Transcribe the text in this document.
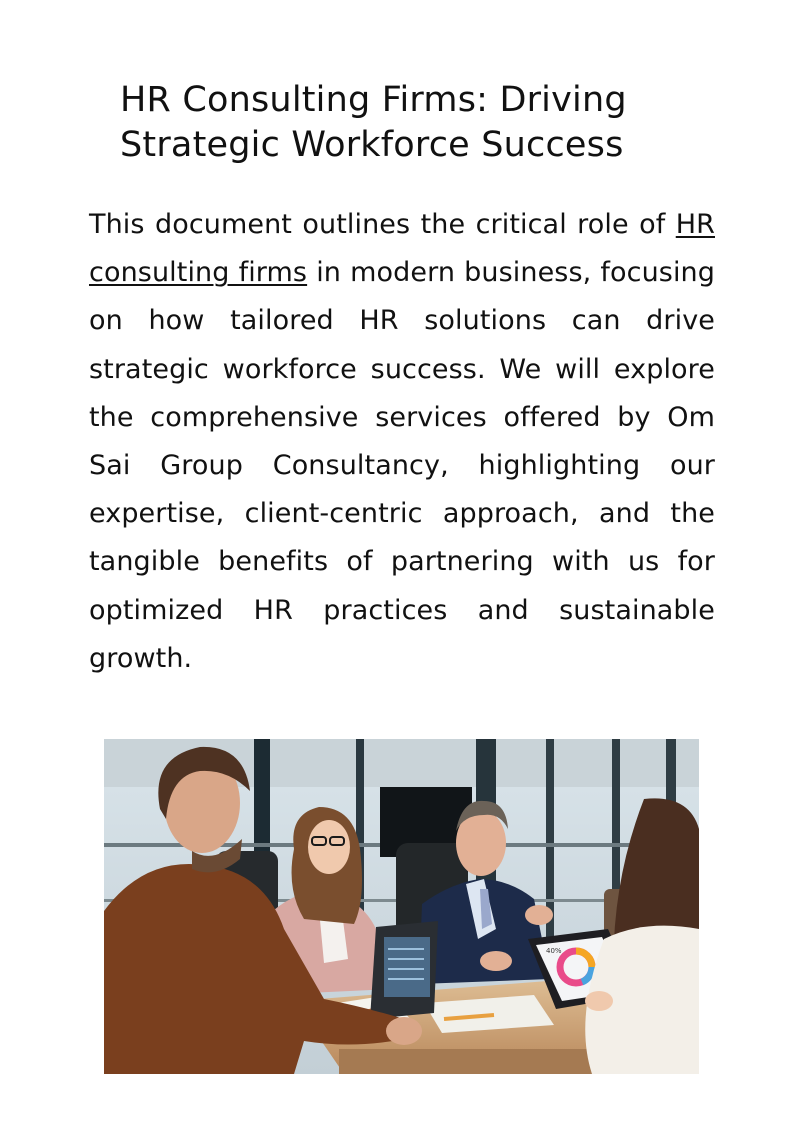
HR Consulting Firms: Driving Strategic Workforce Success

This document outlines the critical role of HR consulting firms in modern business, focusing on how tailored HR solutions can drive strategic workforce success. We will explore the comprehensive services offered by Om Sai Group Consultancy, highlighting our expertise, client-centric approach, and the tangible benefits of partnering with us for optimized HR practices and sustainable growth.

40%
